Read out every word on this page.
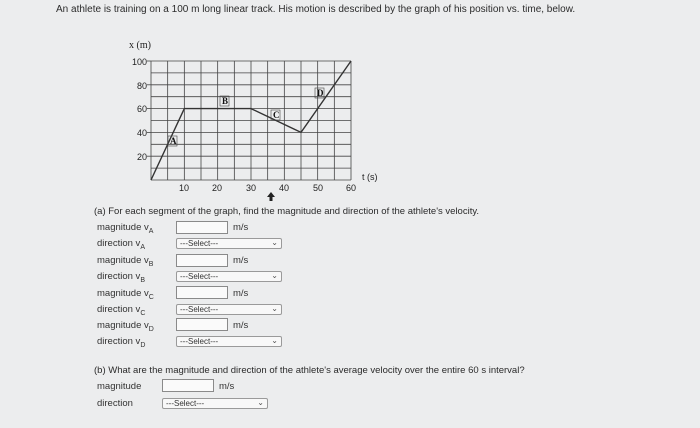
An athlete is training on a 100 m long linear track. His motion is described by the graph of his position vs. time, below.
x (m)
100
80
60
40
20
10	20	30	40	50	60
t (s)
A
B
C
D
(a) For each segment of the graph, find the magnitude and direction of the athlete's velocity.
magnitude $v_A$	m/s
direction $v_A$	---Select---	⌄
magnitude $v_B$	m/s
direction $v_B$	---Select---	⌄
magnitude $v_C$	m/s
direction $v_C$	---Select---	⌄
magnitude $v_D$	m/s
direction $v_D$	---Select---	⌄
(b) What are the magnitude and direction of the athlete's average velocity over the entire 60 s interval?
magnitude	m/s
direction	---Select---	⌄
